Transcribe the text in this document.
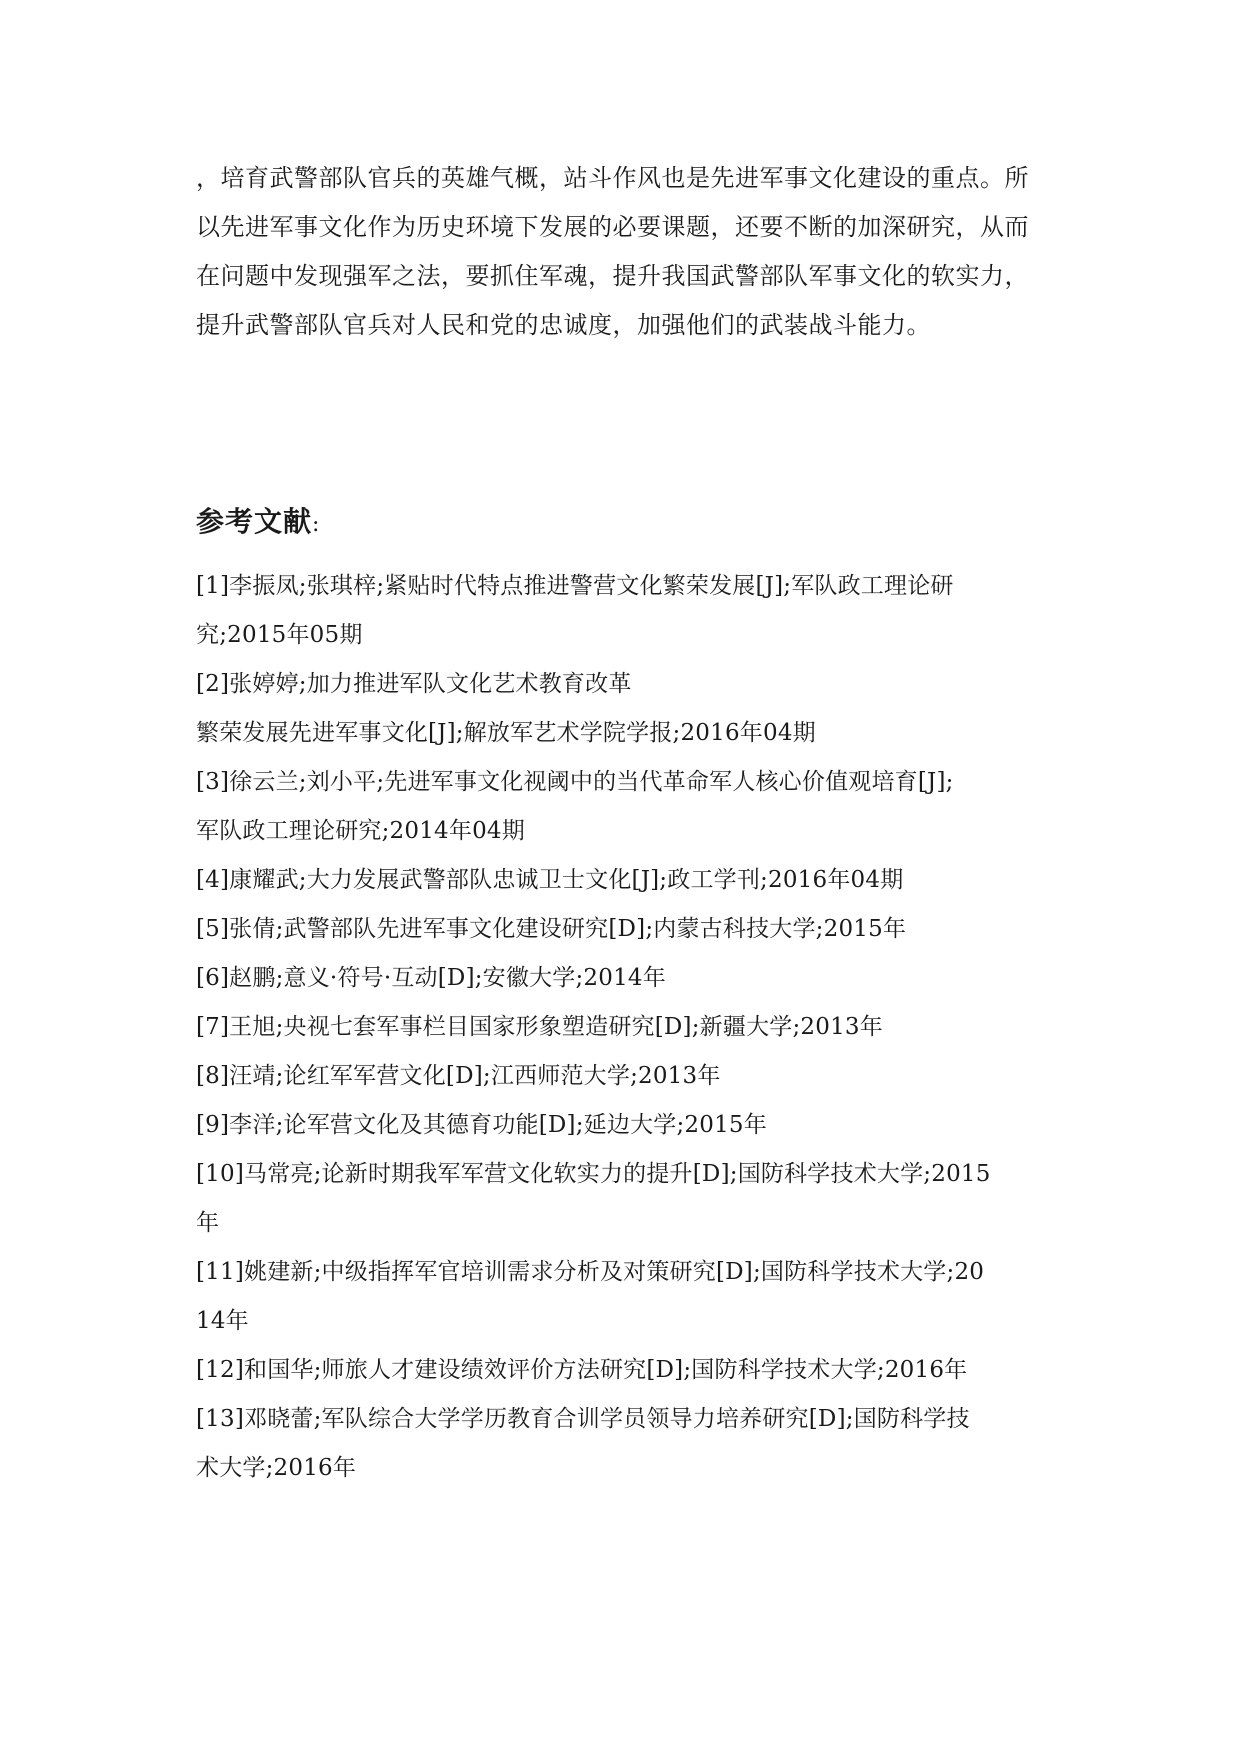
，培育武警部队官兵的英雄气概，站斗作风也是先进军事文化建设的重点。所

以先进军事文化作为历史环境下发展的必要课题，还要不断的加深研究，从而

在问题中发现强军之法，要抓住军魂，提升我国武警部队军事文化的软实力，

提升武警部队官兵对人民和党的忠诚度，加强他们的武装战斗能力。

参考文献:
[1]李振凤;张琪梓;紧贴时代特点推进警营文化繁荣发展[J];军队政工理论研
究;2015年05期
[2]张婷婷;加力推进军队文化艺术教育改革
繁荣发展先进军事文化[J];解放军艺术学院学报;2016年04期
[3]徐云兰;刘小平;先进军事文化视阈中的当代革命军人核心价值观培育[J];
军队政工理论研究;2014年04期
[4]康耀武;大力发展武警部队忠诚卫士文化[J];政工学刊;2016年04期
[5]张倩;武警部队先进军事文化建设研究[D];内蒙古科技大学;2015年
[6]赵鹏;意义·符号·互动[D];安徽大学;2014年
[7]王旭;央视七套军事栏目国家形象塑造研究[D];新疆大学;2013年
[8]汪靖;论红军军营文化[D];江西师范大学;2013年
[9]李洋;论军营文化及其德育功能[D];延边大学;2015年
[10]马常亮;论新时期我军军营文化软实力的提升[D];国防科学技术大学;2015
年
[11]姚建新;中级指挥军官培训需求分析及对策研究[D];国防科学技术大学;20
14年
[12]和国华;师旅人才建设绩效评价方法研究[D];国防科学技术大学;2016年
[13]邓晓蕾;军队综合大学学历教育合训学员领导力培养研究[D];国防科学技
术大学;2016年
